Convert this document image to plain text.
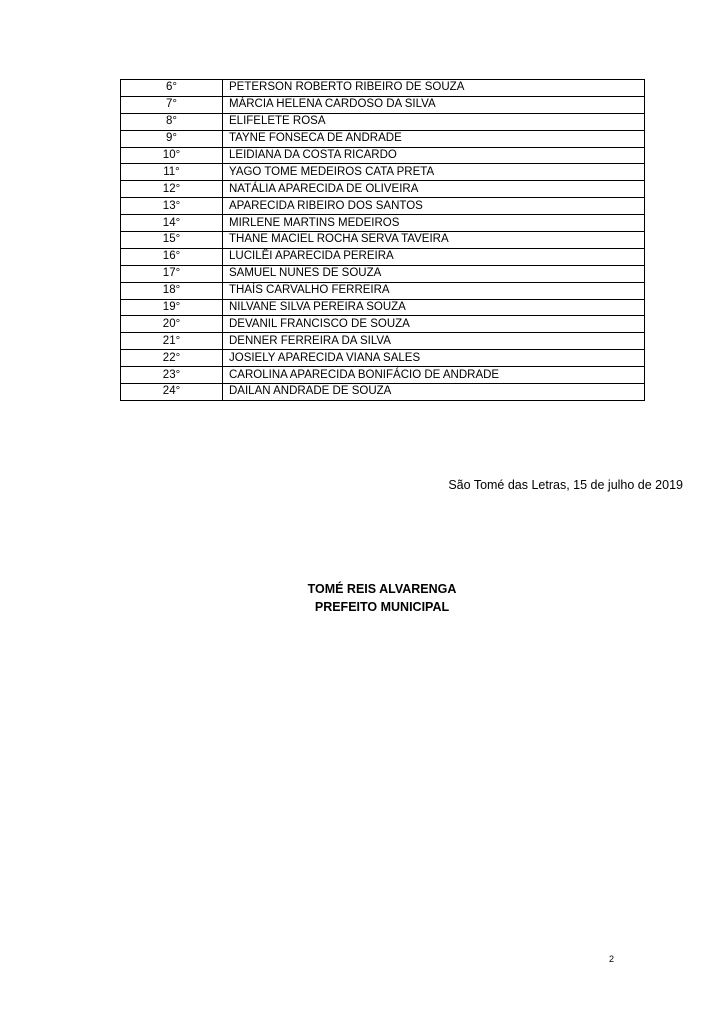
6°	PETERSON ROBERTO RIBEIRO DE SOUZA
7°	MÁRCIA HELENA CARDOSO DA SILVA
8°	ELIFELETE ROSA
9°	TAYNE FONSECA DE ANDRADE
10°	LEIDIANA DA COSTA RICARDO
11°	YAGO TOME MEDEIROS CATA PRETA
12°	NATÁLIA APARECIDA DE OLIVEIRA
13°	APARECIDA RIBEIRO DOS SANTOS
14°	MIRLENE MARTINS MEDEIROS
15°	THANE MACIEL ROCHA SERVA TAVEIRA
16°	LUCILÊI APARECIDA PEREIRA
17°	SAMUEL NUNES DE SOUZA
18°	THAÍS CARVALHO FERREIRA
19°	NILVANE SILVA PEREIRA SOUZA
20°	DEVANIL FRANCISCO DE SOUZA
21°	DENNER FERREIRA DA SILVA
22°	JOSIELY APARECIDA VIANA SALES
23°	CAROLINA APARECIDA BONIFÁCIO DE ANDRADE
24°	DAILAN ANDRADE DE SOUZA
São Tomé das Letras, 15 de julho de 2019
TOMÉ REIS ALVARENGA
PREFEITO MUNICIPAL
2
